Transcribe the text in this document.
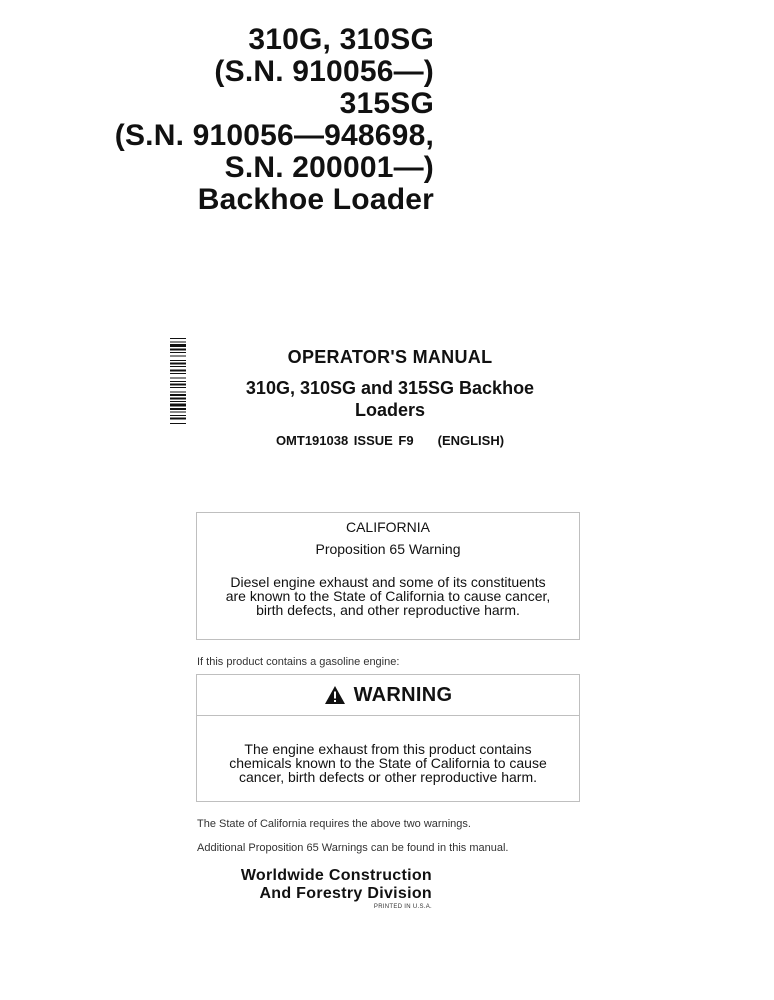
310G, 310SG
(S.N. 910056—)
315SG
(S.N. 910056—948698,
S.N. 200001—)
Backhoe Loader
OPERATOR'S MANUAL
310G, 310SG and 315SG Backhoe
Loaders
OMT191038 ISSUE F9 (ENGLISH)
CALIFORNIA
Proposition 65 Warning
Diesel engine exhaust and some of its constituents
are known to the State of California to cause cancer,
birth defects, and other reproductive harm.
If this product contains a gasoline engine:
WARNING
The engine exhaust from this product contains
chemicals known to the State of California to cause
cancer, birth defects or other reproductive harm.
The State of California requires the above two warnings.
Additional Proposition 65 Warnings can be found in this manual.
Worldwide Construction
And Forestry Division
PRINTED IN U.S.A.
